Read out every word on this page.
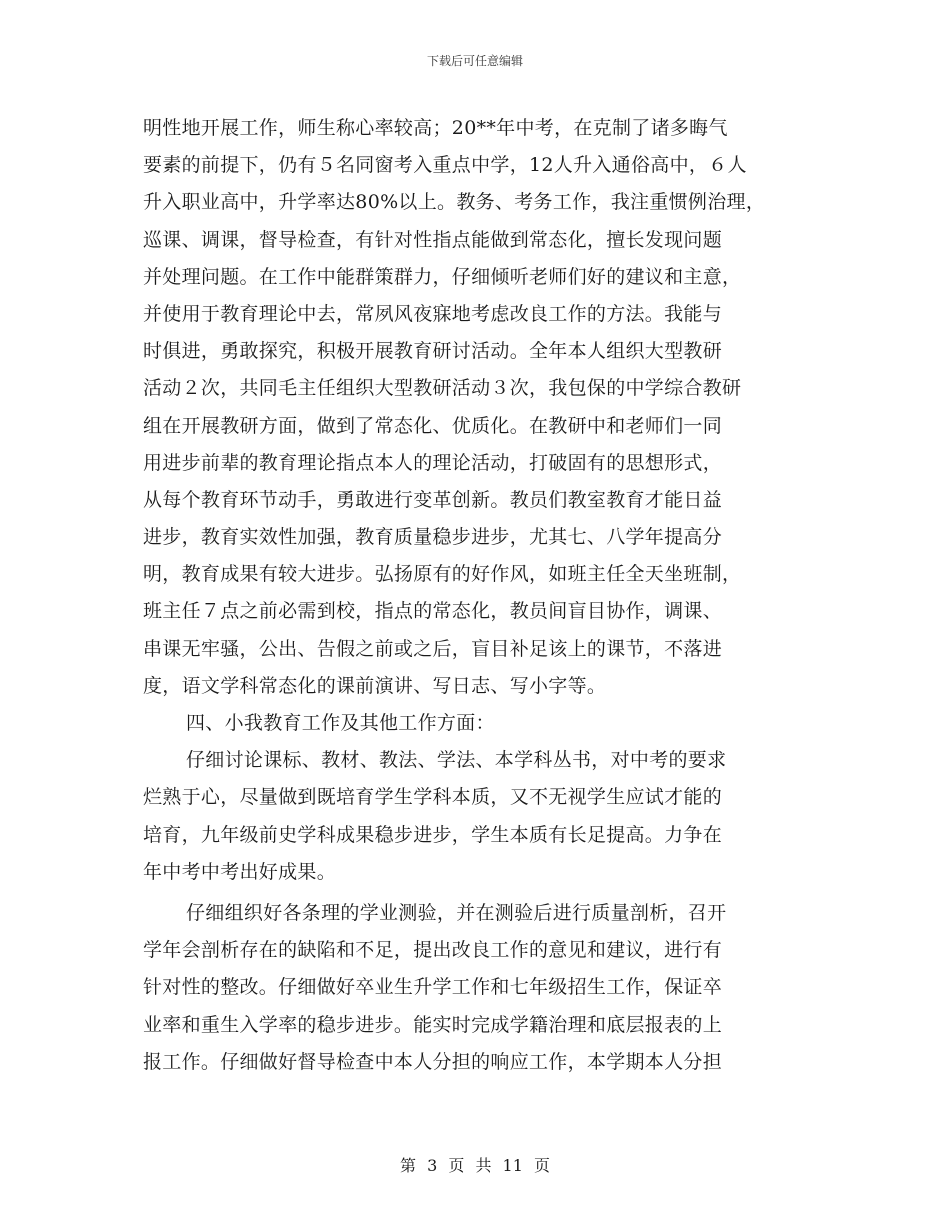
下载后可任意编辑
明性地开展工作，师生称心率较高；20**年中考，在克制了诸多晦气
要素的前提下，仍有５名同窗考入重点中学，12人升入通俗高中，６人
升入职业高中，升学率达80%以上。教务、考务工作，我注重惯例治理，
巡课、调课，督导检查，有针对性指点能做到常态化，擅长发现问题
并处理问题。在工作中能群策群力，仔细倾听老师们好的建议和主意，
并使用于教育理论中去，常夙风夜寐地考虑改良工作的方法。我能与
时俱进，勇敢探究，积极开展教育研讨活动。全年本人组织大型教研
活动２次，共同毛主任组织大型教研活动３次，我包保的中学综合教研
组在开展教研方面，做到了常态化、优质化。在教研中和老师们一同
用进步前辈的教育理论指点本人的理论活动，打破固有的思想形式，
从每个教育环节动手，勇敢进行变革创新。教员们教室教育才能日益
进步，教育实效性加强，教育质量稳步进步，尤其七、八学年提高分
明，教育成果有较大进步。弘扬原有的好作风，如班主任全天坐班制，
班主任７点之前必需到校，指点的常态化，教员间盲目协作，调课、
串课无牢骚，公出、告假之前或之后，盲目补足该上的课节，不落进
度，语文学科常态化的课前演讲、写日志、写小字等。
四、小我教育工作及其他工作方面：
仔细讨论课标、教材、教法、学法、本学科丛书，对中考的要求
烂熟于心，尽量做到既培育学生学科本质，又不无视学生应试才能的
培育，九年级前史学科成果稳步进步，学生本质有长足提高。力争在
年中考中考出好成果。
仔细组织好各条理的学业测验，并在测验后进行质量剖析，召开
学年会剖析存在的缺陷和不足，提出改良工作的意见和建议，进行有
针对性的整改。仔细做好卒业生升学工作和七年级招生工作，保证卒
业率和重生入学率的稳步进步。能实时完成学籍治理和底层报表的上
报工作。仔细做好督导检查中本人分担的响应工作，本学期本人分担
第 3 页 共 11 页
